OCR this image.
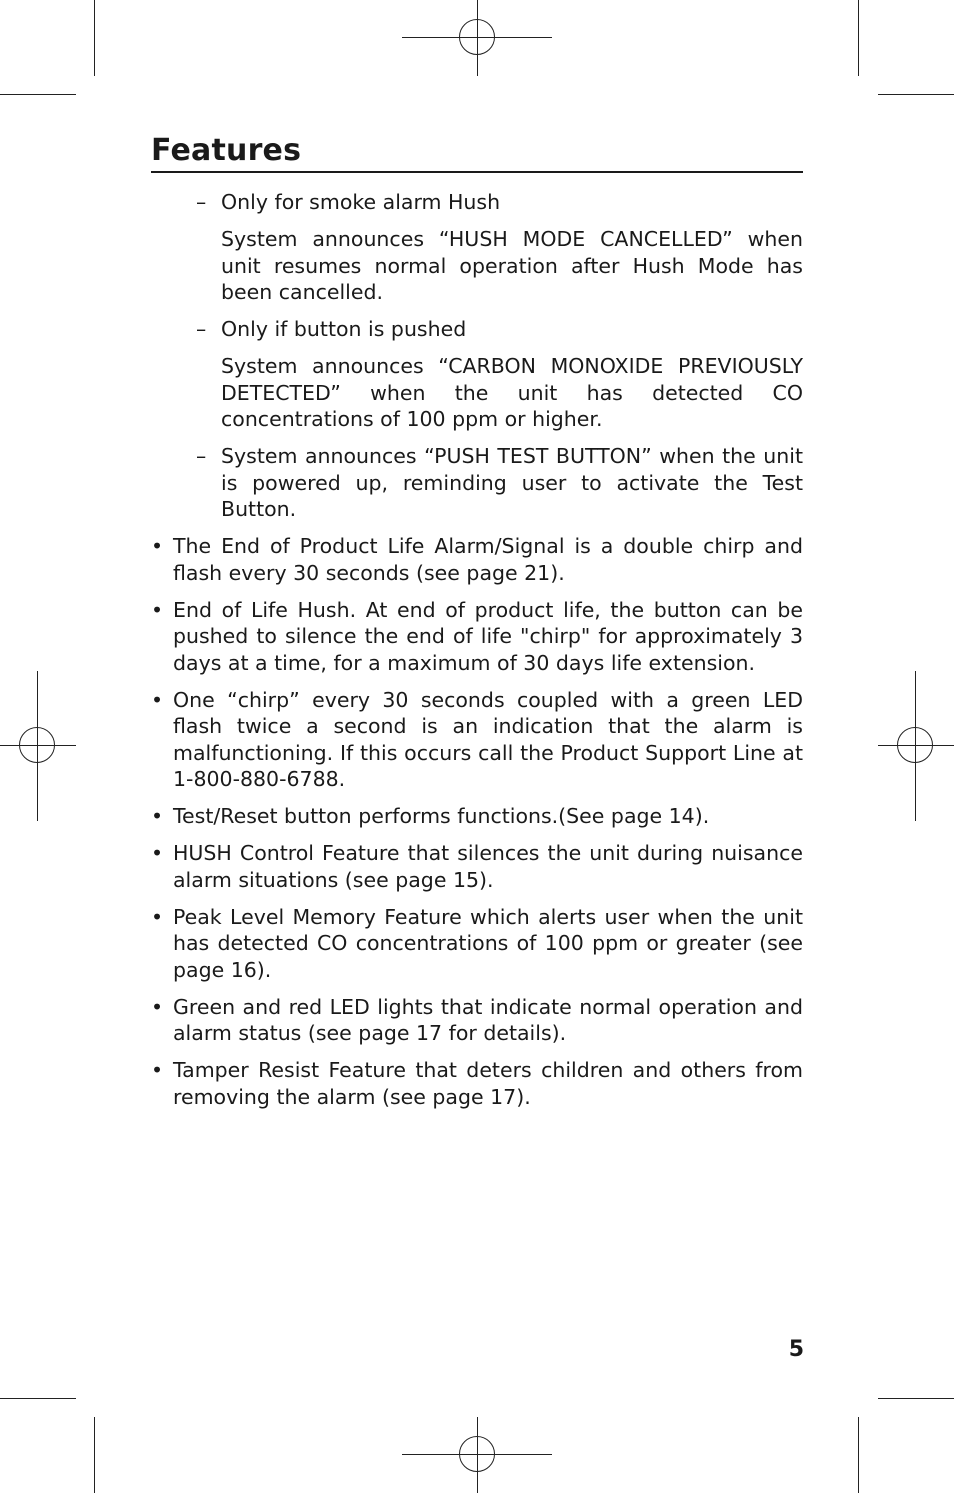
Features

– Only for smoke alarm Hush

System announces “HUSH MODE CANCELLED” when unit resumes normal operation after Hush Mode has been cancelled.

– Only if button is pushed

System announces “CARBON MONOXIDE PREVIOUSLY DETECTED” when the unit has detected CO concentrations of 100 ppm or higher.

– System announces “PUSH TEST BUTTON” when the unit is powered up, reminding user to activate the Test Button.

• The End of Product Life Alarm/Signal is a double chirp and flash every 30 seconds (see page 21).

• End of Life Hush. At end of product life, the button can be pushed to silence the end of life "chirp" for approximately 3 days at a time, for a maximum of 30 days life extension.

• One “chirp” every 30 seconds coupled with a green LED flash twice a second is an indication that the alarm is malfunctioning. If this occurs call the Product Support Line at 1-800-880-6788.

• Test/Reset button performs functions.(See page 14).

• HUSH Control Feature that silences the unit during nuisance alarm situations (see page 15).

• Peak Level Memory Feature which alerts user when the unit has detected CO concentrations of 100 ppm or greater (see page 16).

• Green and red LED lights that indicate normal operation and alarm status (see page 17 for details).

• Tamper Resist Feature that deters children and others from removing the alarm (see page 17).

5
